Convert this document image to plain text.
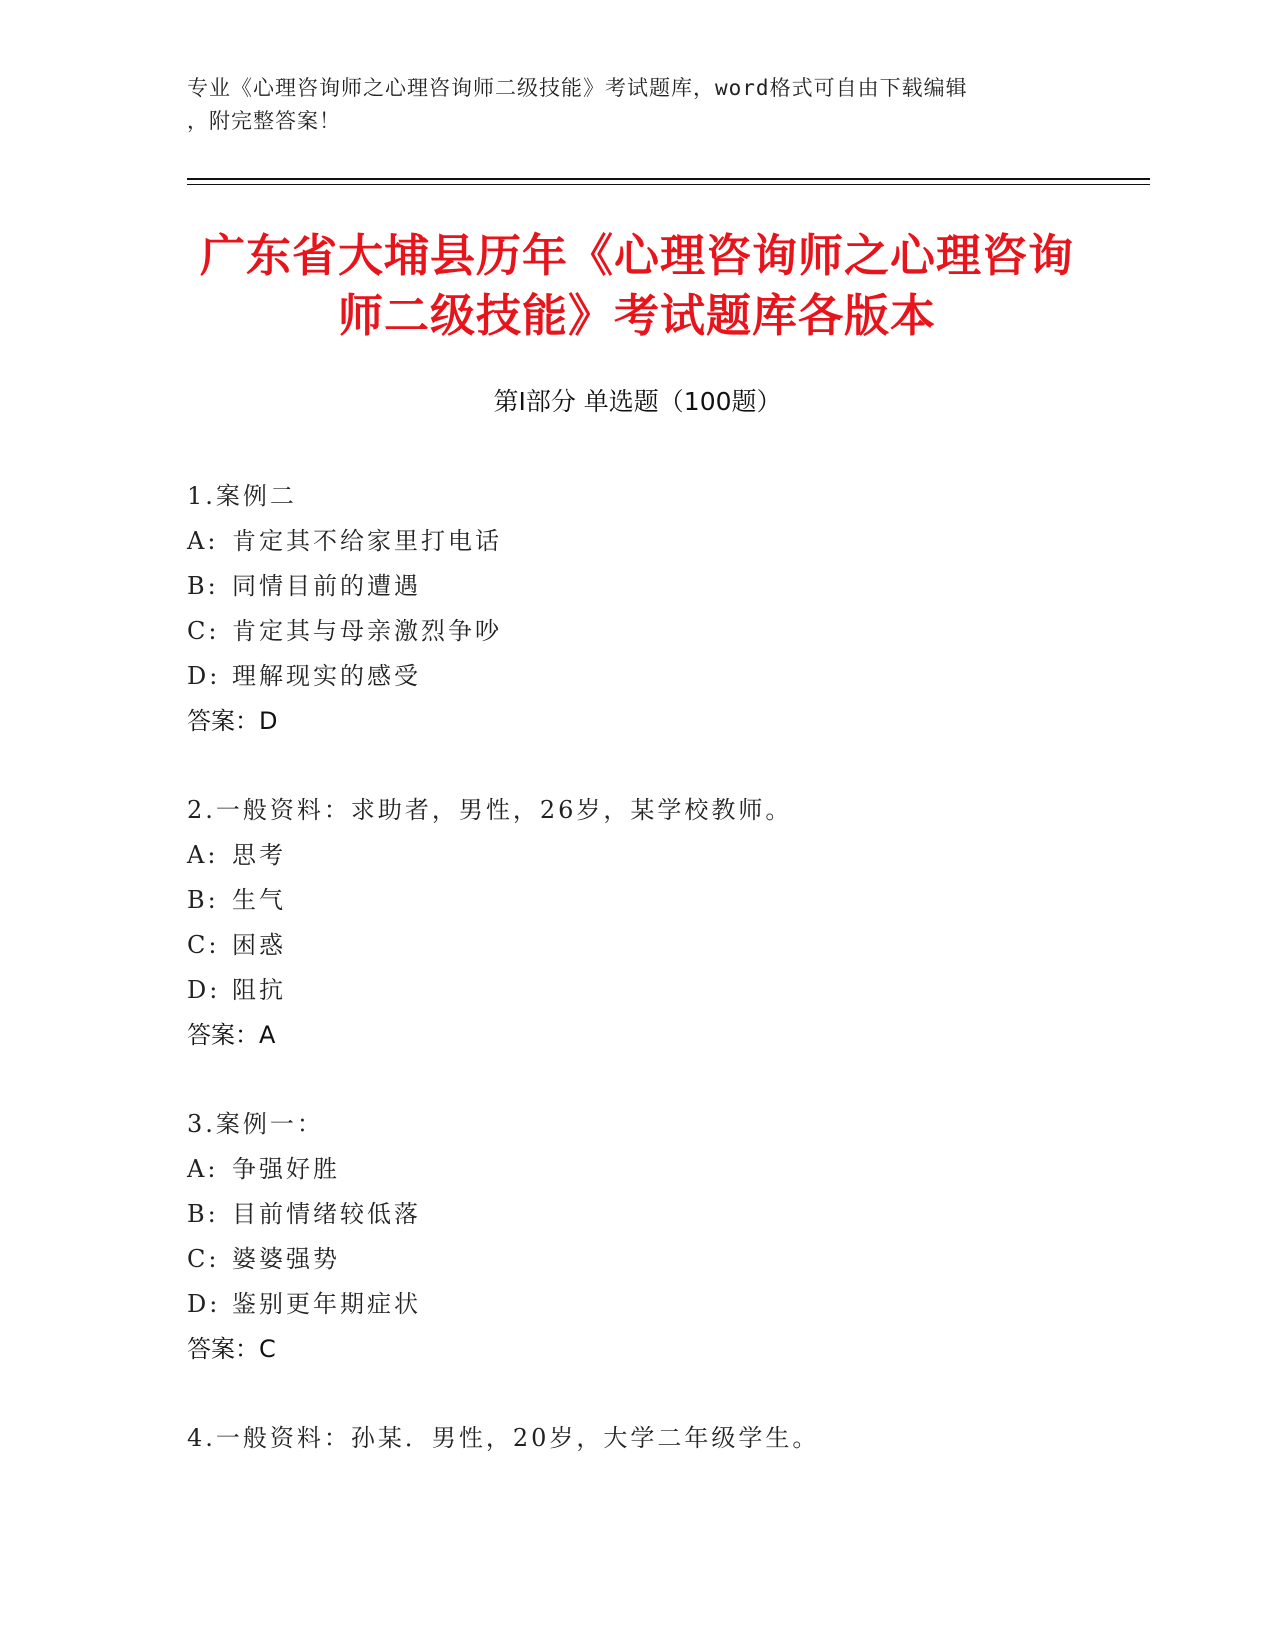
专业《心理咨询师之心理咨询师二级技能》考试题库，word格式可自由下载编辑
，附完整答案！
广东省大埔县历年《心理咨询师之心理咨询
师二级技能》考试题库各版本
第Ⅰ部分 单选题（100题）
1.案例二
A: 肯定其不给家里打电话
B: 同情目前的遭遇
C: 肯定其与母亲激烈争吵
D: 理解现实的感受
答案：D
2.一般资料：求助者，男性，26岁，某学校教师。
A: 思考
B: 生气
C: 困惑
D: 阻抗
答案：A
3.案例一：
A: 争强好胜
B: 目前情绪较低落
C: 婆婆强势
D: 鉴别更年期症状
答案：C
4.一般资料：孙某．男性，20岁，大学二年级学生。
